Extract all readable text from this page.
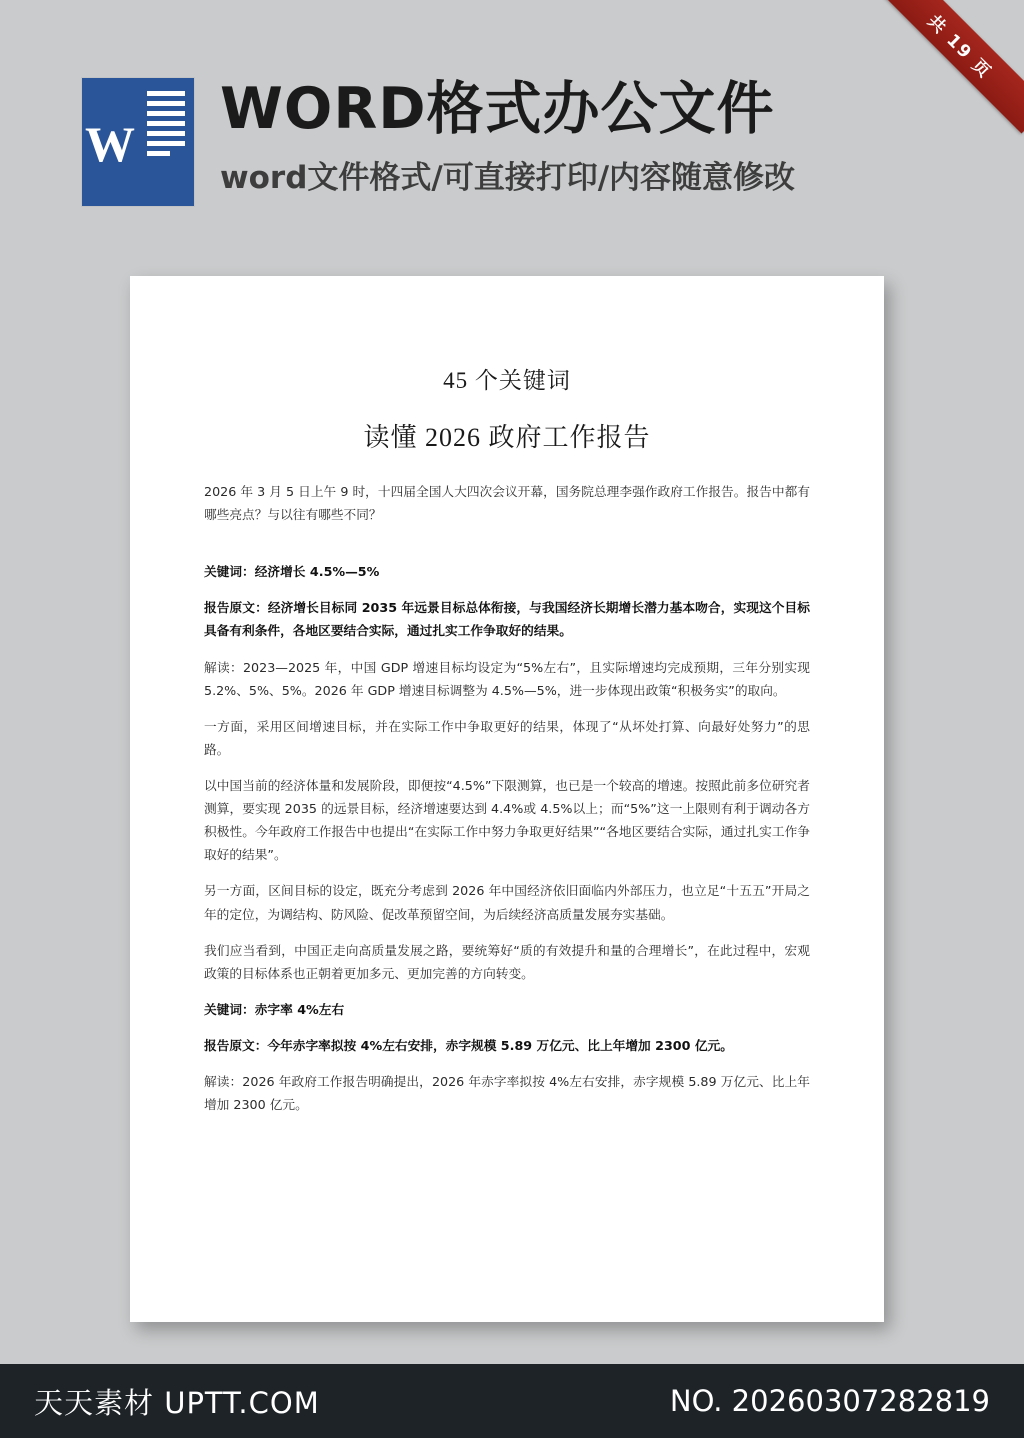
共 19 页
W
WORD格式办公文件
word文件格式/可直接打印/内容随意修改
45 个关键词
读懂 2026 政府工作报告

2026 年 3 月 5 日上午 9 时，十四届全国人大四次会议开幕，国务院总理李强作政府工作报告。报告中都有哪些亮点？与以往有哪些不同？

关键词：经济增长 4.5%—5%

报告原文：经济增长目标同 2035 年远景目标总体衔接，与我国经济长期增长潜力基本吻合，实现这个目标具备有利条件，各地区要结合实际，通过扎实工作争取好的结果。

解读：2023—2025 年，中国 GDP 增速目标均设定为“5%左右”，且实际增速均完成预期，三年分别实现 5.2%、5%、5%。2026 年 GDP 增速目标调整为 4.5%—5%，进一步体现出政策“积极务实”的取向。

一方面，采用区间增速目标，并在实际工作中争取更好的结果，体现了“从坏处打算、向最好处努力”的思路。

以中国当前的经济体量和发展阶段，即便按“4.5%”下限测算，也已是一个较高的增速。按照此前多位研究者测算，要实现 2035 的远景目标，经济增速要达到 4.4%或 4.5%以上；而“5%”这一上限则有利于调动各方积极性。今年政府工作报告中也提出“在实际工作中努力争取更好结果”“各地区要结合实际，通过扎实工作争取好的结果”。

另一方面，区间目标的设定，既充分考虑到 2026 年中国经济依旧面临内外部压力，也立足“十五五”开局之年的定位，为调结构、防风险、促改革预留空间，为后续经济高质量发展夯实基础。

我们应当看到，中国正走向高质量发展之路，要统筹好“质的有效提升和量的合理增长”，在此过程中，宏观政策的目标体系也正朝着更加多元、更加完善的方向转变。

关键词：赤字率 4%左右

报告原文：今年赤字率拟按 4%左右安排，赤字规模 5.89 万亿元、比上年增加 2300 亿元。

解读：2026 年政府工作报告明确提出，2026 年赤字率拟按 4%左右安排，赤字规模 5.89 万亿元、比上年增加 2300 亿元。

天天素材 UPTT.COM	NO. 20260307282819
